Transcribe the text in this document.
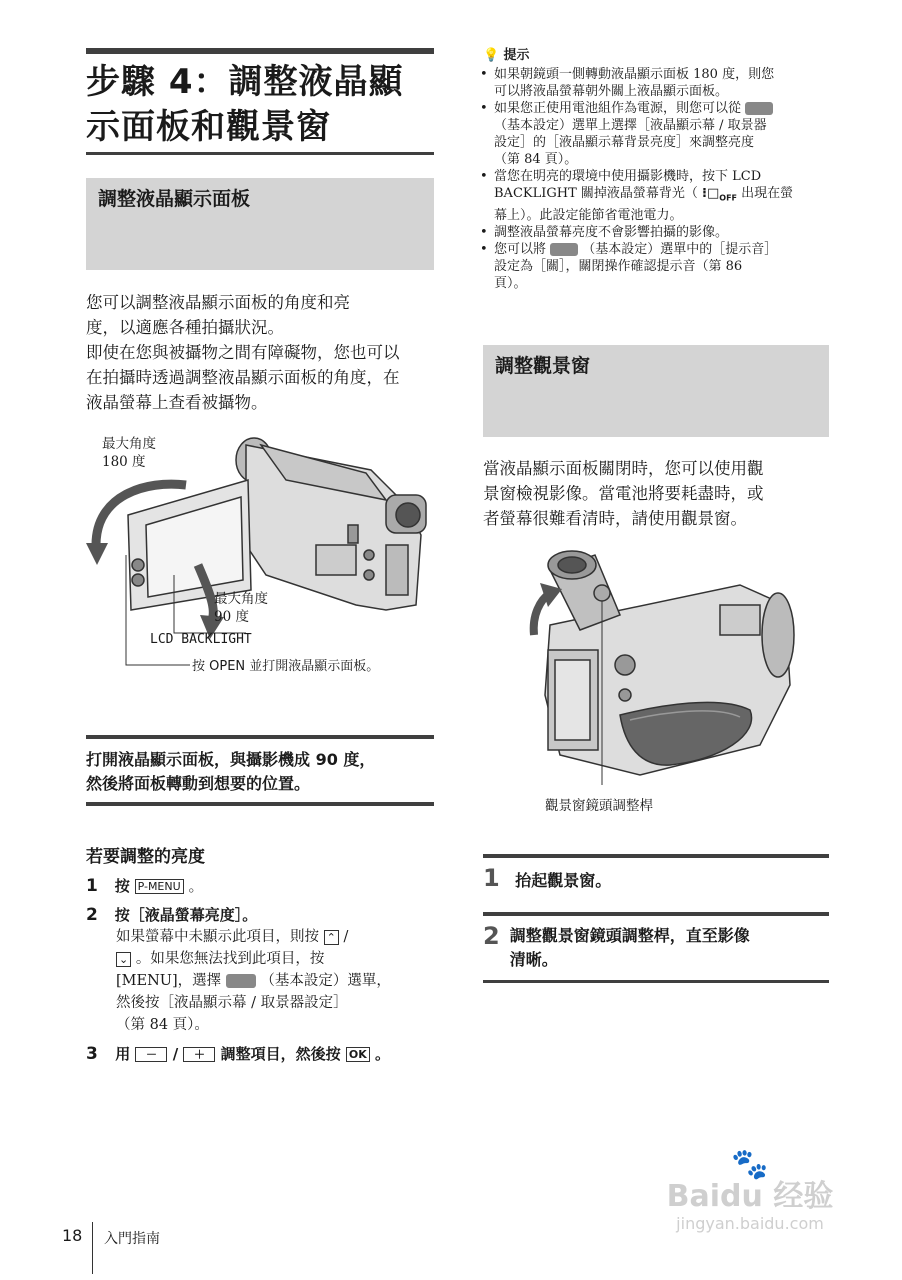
步驟 4：調整液晶顯
示面板和觀景窗
調整液晶顯示面板
您可以調整液晶顯示面板的角度和亮
度，以適應各種拍攝狀況。
即使在您與被攝物之間有障礙物，您也可以
在拍攝時透過調整液晶顯示面板的角度，在
液晶螢幕上查看被攝物。
最大角度
180 度
最大角度
90 度
LCD BACKLIGHT
按 OPEN 並打開液晶顯示面板。
打開液晶顯示面板，與攝影機成 90 度，
然後將面板轉動到想要的位置。
若要調整的亮度
1 按 P-MENU 。
2 按［液晶螢幕亮度］。
如果螢幕中未顯示此項目，則按 ⌃ /
⌄ 。如果您無法找到此項目，按
[MENU]，選擇	（基本設定）選單，
然後按［液晶顯示幕 / 取景器設定］
（第 84 頁）。
3 用 － / ＋ 調整項目，然後按 OK 。
18 入門指南
💡 提示
• 如果朝鏡頭一側轉動液晶顯示面板 180 度，則您
可以將液晶螢幕朝外關上液晶顯示面板。
• 如果您正使用電池組作為電源，則您可以從
（基本設定）選單上選擇［液晶顯示幕 / 取景器
設定］的［液晶顯示幕背景亮度］來調整亮度
（第 84 頁）。
• 當您在明亮的環境中使用攝影機時，按下 LCD
BACKLIGHT 關掉液晶螢幕背光（ $⁝□_{OFF}$ 出現在螢
幕上）。此設定能節省電池電力。
• 調整液晶螢幕亮度不會影響拍攝的影像。
• 您可以將	（基本設定）選單中的［提示音］
設定為［關］，關閉操作確認提示音（第 86
頁）。
調整觀景窗
當液晶顯示面板關閉時，您可以使用觀
景窗檢視影像。當電池將要耗盡時，或
者螢幕很難看清時，請使用觀景窗。
觀景窗鏡頭調整桿
1 抬起觀景窗。
2 調整觀景窗鏡頭調整桿，直至影像
清晰。
🐾
Baidu 经验
jingyan.baidu.com
